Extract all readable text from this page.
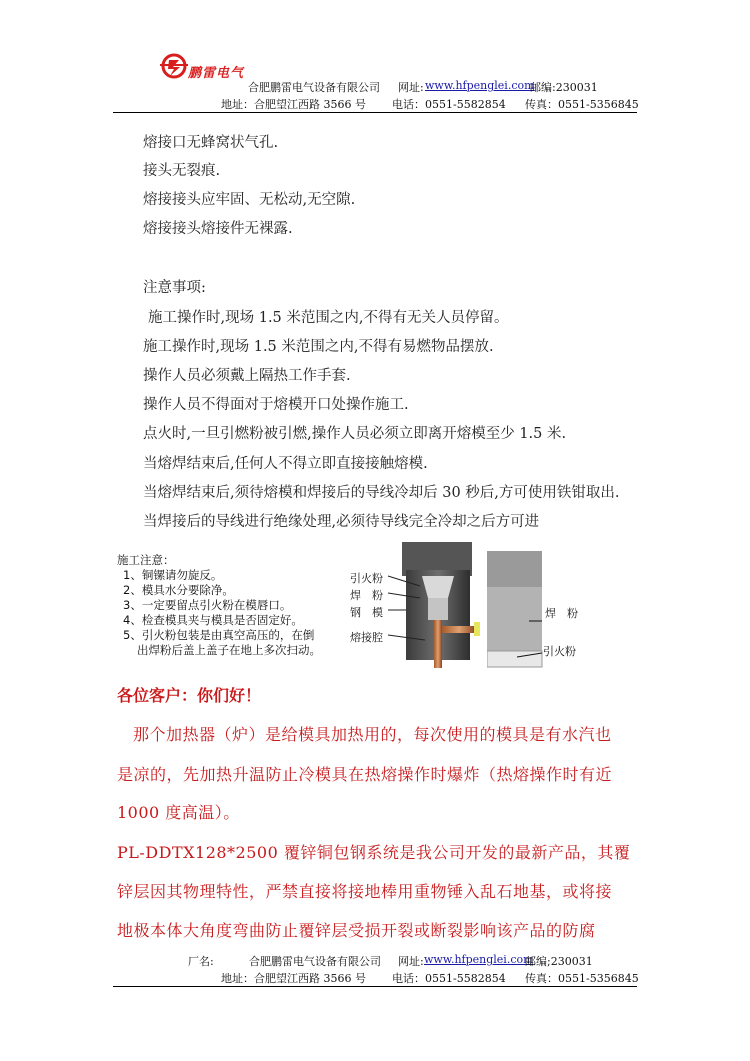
鹏雷电气
合肥鹏雷电气设备有限公司 网址: www.hfpenglei.com
邮编:230031
地址：合肥望江西路 3566 号 电话：0551-5582854 传真：0551-5356845
熔接口无蜂窝状气孔.
接头无裂痕.
熔接接头应牢固、无松动,无空隙.
熔接接头熔接件无裸露.
注意事项:
施工操作时,现场 1.5 米范围之内,不得有无关人员停留。
施工操作时,现场 1.5 米范围之内,不得有易燃物品摆放.
操作人员必须戴上隔热工作手套.
操作人员不得面对于熔模开口处操作施工.
点火时,一旦引燃粉被引燃,操作人员必须立即离开熔模至少 1.5 米.
当熔焊结束后,任何人不得立即直接接触熔模.
当熔焊结束后,须待熔模和焊接后的导线冷却后 30 秒后,方可使用铁钳取出.
当焊接后的导线进行绝缘处理,必须待导线完全冷却之后方可进
施工注意：
1、铜镙请勿旋反。
2、模具水分要除净。
3、一定要留点引火粉在模唇口。
4、检查模具夹与模具是否固定好。
5、引火粉包装是由真空高压的，在倒
出焊粉后盖上盖子在地上多次扫动。
引火粉
焊　粉
钢　模
熔接腔
焊　粉
引火粉
各位客户：你们好！
那个加热器（炉）是给模具加热用的，每次使用的模具是有水汽也
是凉的，先加热升温防止冷模具在热熔操作时爆炸（热熔操作时有近
1000 度高温）。
PL-DDTX128*2500 覆锌铜包钢系统是我公司开发的最新产品，其覆
锌层因其物理特性，严禁直接将接地棒用重物锤入乱石地基，或将接
地极本体大角度弯曲防止覆锌层受损开裂或断裂影响该产品的防腐
厂名:	合肥鹏雷电气设备有限公司 网址: www.hfpenglei.com
邮编;230031
地址：合肥望江西路 3566 号 电话：0551-5582854 传真：0551-5356845
